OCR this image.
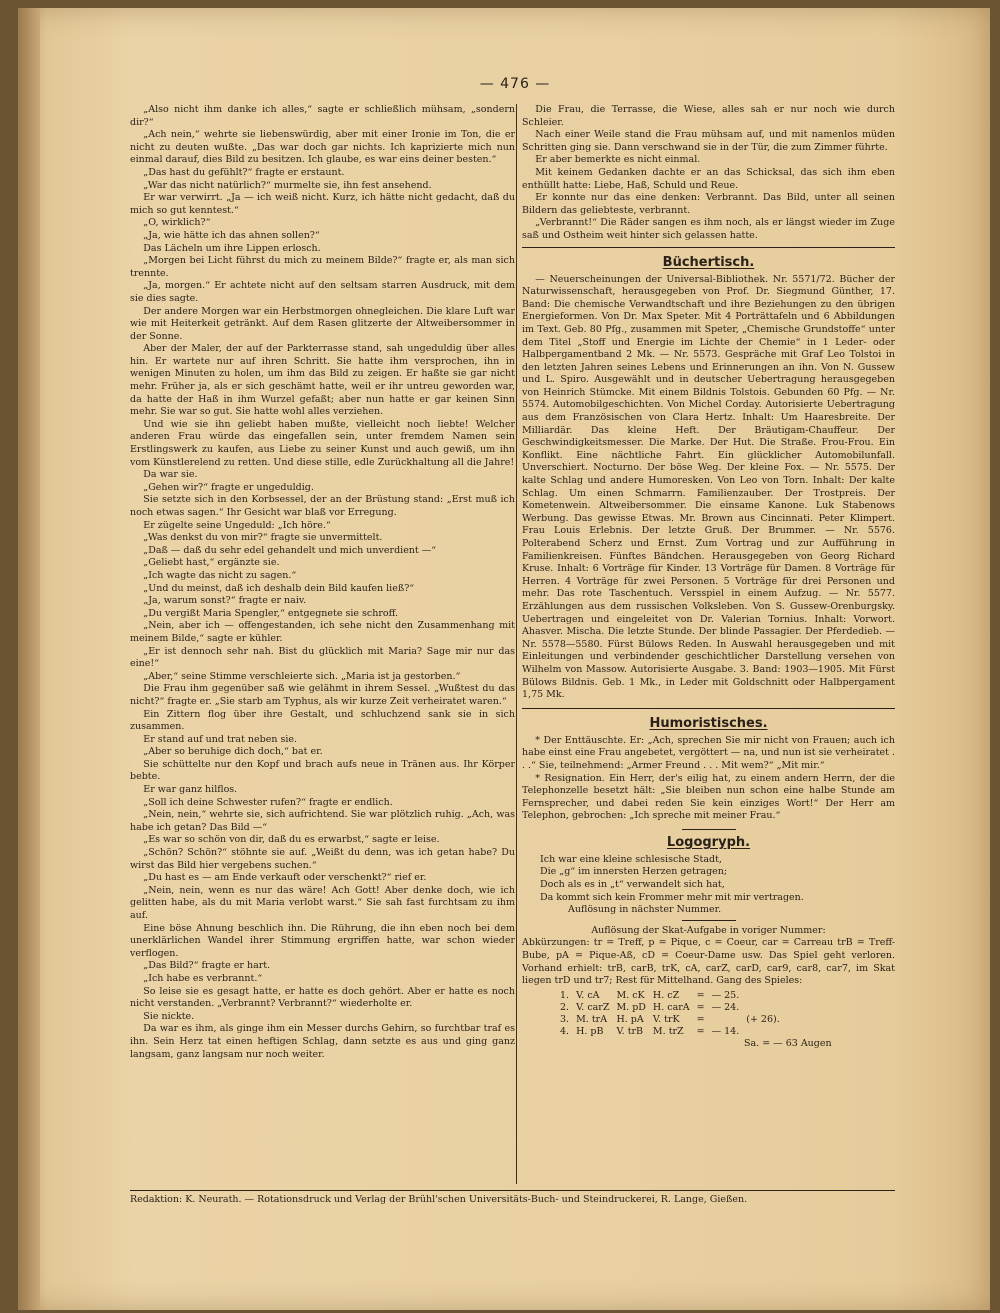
— 476 —

„Also nicht ihm danke ich alles,“ sagte er schließlich mühsam, „sondern dir?“

„Ach nein,“ wehrte sie liebenswürdig, aber mit einer Ironie im Ton, die er nicht zu deuten wußte. „Das war doch gar nichts. Ich kaprizierte mich nun einmal darauf, dies Bild zu besitzen. Ich glaube, es war eins deiner besten.“

„Das hast du gefühlt?“ fragte er erstaunt.

„War das nicht natürlich?“ murmelte sie, ihn fest ansehend.

Er war verwirrt. „Ja — ich weiß nicht. Kurz, ich hätte nicht gedacht, daß du mich so gut kenntest.“

„O, wirklich?“

„Ja, wie hätte ich das ahnen sollen?“

Das Lächeln um ihre Lippen erlosch.

„Morgen bei Licht führst du mich zu meinem Bilde?“ fragte er, als man sich trennte.

„Ja, morgen.“ Er achtete nicht auf den seltsam starren Ausdruck, mit dem sie dies sagte.

Der andere Morgen war ein Herbstmorgen ohnegleichen. Die klare Luft war wie mit Heiterkeit getränkt. Auf dem Rasen glitzerte der Altweibersommer in der Sonne.

Aber der Maler, der auf der Parkterrasse stand, sah ungeduldig über alles hin. Er wartete nur auf ihren Schritt. Sie hatte ihm versprochen, ihn in wenigen Minuten zu holen, um ihm das Bild zu zeigen. Er haßte sie gar nicht mehr. Früher ja, als er sich geschämt hatte, weil er ihr untreu geworden war, da hatte der Haß in ihm Wurzel gefaßt; aber nun hatte er gar keinen Sinn mehr. Sie war so gut. Sie hatte wohl alles verziehen.

Und wie sie ihn geliebt haben mußte, vielleicht noch liebte! Welcher anderen Frau würde das eingefallen sein, unter fremdem Namen sein Erstlingswerk zu kaufen, aus Liebe zu seiner Kunst und auch gewiß, um ihn vom Künstlerelend zu retten. Und diese stille, edle Zurückhaltung all die Jahre!

Da war sie.

„Gehen wir?“ fragte er ungeduldig.

Sie setzte sich in den Korbsessel, der an der Brüstung stand: „Erst muß ich noch etwas sagen.“ Ihr Gesicht war blaß vor Erregung.

Er zügelte seine Ungeduld: „Ich höre.“

„Was denkst du von mir?“ fragte sie unvermittelt.

„Daß — daß du sehr edel gehandelt und mich unverdient —“

„Geliebt hast,“ ergänzte sie.

„Ich wagte das nicht zu sagen.“

„Und du meinst, daß ich deshalb dein Bild kaufen ließ?“

„Ja, warum sonst?“ fragte er naiv.

„Du vergißt Maria Spengler,“ entgegnete sie schroff.

„Nein, aber ich — offengestanden, ich sehe nicht den Zusammenhang mit meinem Bilde,“ sagte er kühler.

„Er ist dennoch sehr nah. Bist du glücklich mit Maria? Sage mir nur das eine!“

„Aber,“ seine Stimme verschleierte sich. „Maria ist ja gestorben.“

Die Frau ihm gegenüber saß wie gelähmt in ihrem Sessel. „Wußtest du das nicht?“ fragte er. „Sie starb am Typhus, als wir kurze Zeit verheiratet waren.“

Ein Zittern flog über ihre Gestalt, und schluchzend sank sie in sich zusammen.

Er stand auf und trat neben sie.

„Aber so beruhige dich doch,“ bat er.

Sie schüttelte nur den Kopf und brach aufs neue in Tränen aus. Ihr Körper bebte.

Er war ganz hilflos.

„Soll ich deine Schwester rufen?“ fragte er endlich.

„Nein, nein,“ wehrte sie, sich aufrichtend. Sie war plötzlich ruhig. „Ach, was habe ich getan? Das Bild —“

„Es war so schön von dir, daß du es erwarbst,“ sagte er leise.

„Schön? Schön?“ stöhnte sie auf. „Weißt du denn, was ich getan habe? Du wirst das Bild hier vergebens suchen.“

„Du hast es — am Ende verkauft oder verschenkt?“ rief er.

„Nein, nein, wenn es nur das wäre! Ach Gott! Aber denke doch, wie ich gelitten habe, als du mit Maria verlobt warst.“ Sie sah fast furchtsam zu ihm auf.

Eine böse Ahnung beschlich ihn. Die Rührung, die ihn eben noch bei dem unerklärlichen Wandel ihrer Stimmung ergriffen hatte, war schon wieder verflogen.

„Das Bild?“ fragte er hart.

„Ich habe es verbrannt.“

So leise sie es gesagt hatte, er hatte es doch gehört. Aber er hatte es noch nicht verstanden. „Verbrannt? Verbrannt?“ wiederholte er.

Sie nickte.

Da war es ihm, als ginge ihm ein Messer durchs Gehirn, so furchtbar traf es ihn. Sein Herz tat einen heftigen Schlag, dann setzte es aus und ging ganz langsam, ganz langsam nur noch weiter.

Die Frau, die Terrasse, die Wiese, alles sah er nur noch wie durch Schleier.

Nach einer Weile stand die Frau mühsam auf, und mit namenlos müden Schritten ging sie. Dann verschwand sie in der Tür, die zum Zimmer führte.

Er aber bemerkte es nicht einmal.

Mit keinem Gedanken dachte er an das Schicksal, das sich ihm eben enthüllt hatte: Liebe, Haß, Schuld und Reue.

Er konnte nur das eine denken: Verbrannt. Das Bild, unter all seinen Bildern das geliebteste, verbrannt.

„Verbrannt!“ Die Räder sangen es ihm noch, als er längst wieder im Zuge saß und Ostheim weit hinter sich gelassen hatte.

Büchertisch.

— Neuerscheinungen der Universal-Bibliothek. Nr. 5571/72. Bücher der Naturwissenschaft, herausgegeben von Prof. Dr. Siegmund Günther, 17. Band: Die chemische Verwandtschaft und ihre Beziehungen zu den übrigen Energieformen. Von Dr. Max Speter. Mit 4 Porträttafeln und 6 Abbildungen im Text. Geb. 80 Pfg., zusammen mit Speter, „Chemische Grundstoffe“ unter dem Titel „Stoff und Energie im Lichte der Chemie“ in 1 Leder- oder Halbpergamentband 2 Mk. — Nr. 5573. Gespräche mit Graf Leo Tolstoi in den letzten Jahren seines Lebens und Erinnerungen an ihn. Von N. Gussew und L. Spiro. Ausgewählt und in deutscher Uebertragung herausgegeben von Heinrich Stümcke. Mit einem Bildnis Tolstois. Gebunden 60 Pfg. — Nr. 5574. Automobilgeschichten. Von Michel Corday. Autorisierte Uebertragung aus dem Französischen von Clara Hertz. Inhalt: Um Haaresbreite. Der Milliardär. Das kleine Heft. Der Bräutigam-Chauffeur. Der Geschwindigkeitsmesser. Die Marke. Der Hut. Die Straße. Frou-Frou. Ein Konflikt. Eine nächtliche Fahrt. Ein glücklicher Automobilunfall. Unverschiert. Nocturno. Der böse Weg. Der kleine Fox. — Nr. 5575. Der kalte Schlag und andere Humoresken. Von Leo von Torn. Inhalt: Der kalte Schlag. Um einen Schmarrn. Familienzauber. Der Trostpreis. Der Kometenwein. Altweibersommer. Die einsame Kanone. Luk Stabenows Werbung. Das gewisse Etwas. Mr. Brown aus Cincinnati. Peter Klimpert. Frau Louis Erlebnis. Der letzte Gruß. Der Brummer. — Nr. 5576. Polterabend Scherz und Ernst. Zum Vortrag und zur Aufführung in Familienkreisen. Fünftes Bändchen. Herausgegeben von Georg Richard Kruse. Inhalt: 6 Vorträge für Kinder. 13 Vorträge für Damen. 8 Vorträge für Herren. 4 Vorträge für zwei Personen. 5 Vorträge für drei Personen und mehr. Das rote Taschentuch. Versspiel in einem Aufzug. — Nr. 5577. Erzählungen aus dem russischen Volksleben. Von S. Gussew-Orenburgsky. Uebertragen und eingeleitet von Dr. Valerian Tornius. Inhalt: Vorwort. Ahasver. Mischa. Die letzte Stunde. Der blinde Passagier. Der Pferdedieb. — Nr. 5578—5580. Fürst Bülows Reden. In Auswahl herausgegeben und mit Einleitungen und verbindender geschichtlicher Darstellung versehen von Wilhelm von Massow. Autorisierte Ausgabe. 3. Band: 1903—1905. Mit Fürst Bülows Bildnis. Geb. 1 Mk., in Leder mit Goldschnitt oder Halbpergament 1,75 Mk.

Humoristisches.

* Der Enttäuschte. Er: „Ach, sprechen Sie mir nicht von Frauen; auch ich habe einst eine Frau angebetet, vergöttert — na, und nun ist sie verheiratet . . .“ Sie, teilnehmend: „Armer Freund . . . Mit wem?“ „Mit mir.“

* Resignation. Ein Herr, der's eilig hat, zu einem andern Herrn, der die Telephonzelle besetzt hält: „Sie bleiben nun schon eine halbe Stunde am Fernsprecher, und dabei reden Sie kein einziges Wort!“ Der Herr am Telephon, gebrochen: „Ich spreche mit meiner Frau.“

Logogryph.
Ich war eine kleine schlesische Stadt,
Die „g“ im innersten Herzen getragen;
Doch als es in „t“ verwandelt sich hat,
Da kommt sich kein Frommer mehr mit mir vertragen.
Auflösung in nächster Nummer.

Auflösung der Skat-Aufgabe in voriger Nummer:

Abkürzungen: tr = Treff, p = Pique, c = Coeur, car = Carreau trB = Treff-Bube, pA = Pique-Aß, cD = Coeur-Dame usw. Das Spiel geht verloren. Vorhand erhielt: trB, carB, trK, cA, carZ, carD, car9, car8, car7, im Skat liegen trD und tr7; Rest für Mittelhand. Gang des Spieles:

1.	V. cA	M. cK	H. cZ	=	— 25.	
2.	V. carZ	M. pD	H. carA	=	— 24.	
3.	M. trA	H. pA	V. trK	=		(+ 26).
4.	H. pB	V. trB	M. trZ	=	— 14.	
Sa. = — 63 Augen
Redaktion: K. Neurath. — Rotationsdruck und Verlag der Brühl'schen Universitäts-Buch- und Steindruckerei, R. Lange, Gießen.
